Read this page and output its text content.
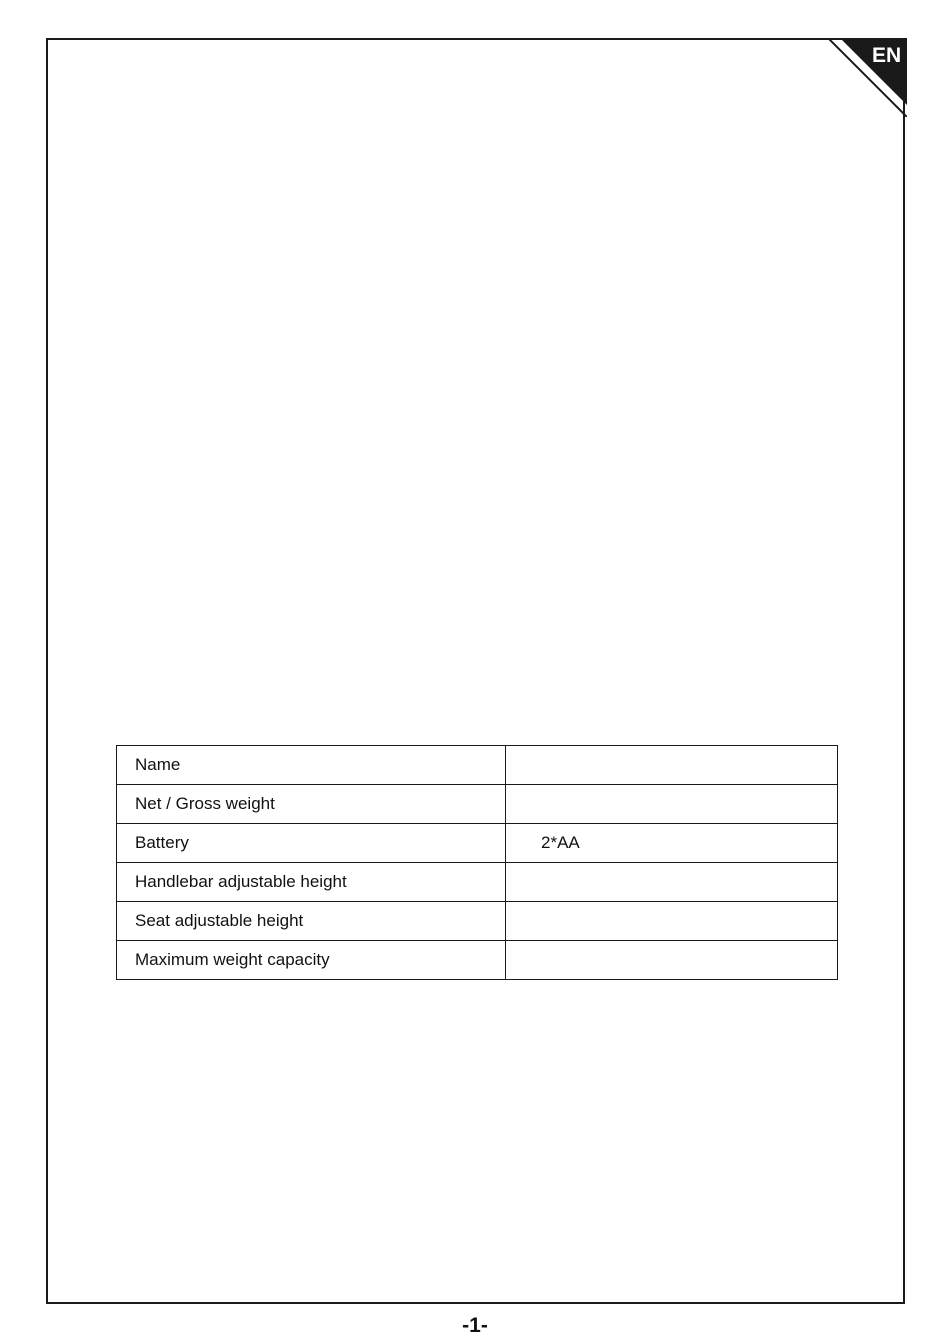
EN
Name	
Net / Gross weight	
Battery	2*AA
Handlebar adjustable height	
Seat adjustable height	
Maximum weight capacity	
-1-
